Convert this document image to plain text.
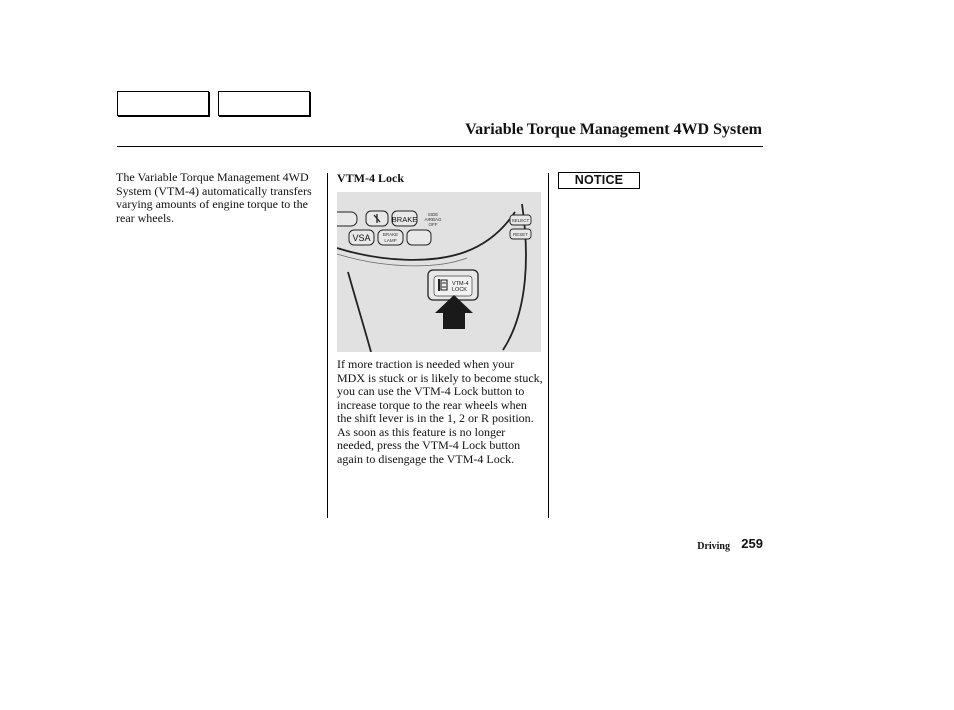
Variable Torque Management 4WD System
The Variable Torque Management 4WD System (VTM-4) automatically transfers varying amounts of engine torque to the rear wheels.
VTM-4 Lock
BRAKE
SIDE
AIRBAG
OFF
VSA	BRAKE
LAMP
SELECT
RESET
VTM-4
LOCK
If more traction is needed when your MDX is stuck or is likely to become stuck, you can use the VTM-4 Lock button to increase torque to the rear wheels when the shift lever is in the 1, 2 or R position. As soon as this feature is no longer needed, press the VTM-4 Lock button again to disengage the VTM-4 Lock.
NOTICE
Driving 259
